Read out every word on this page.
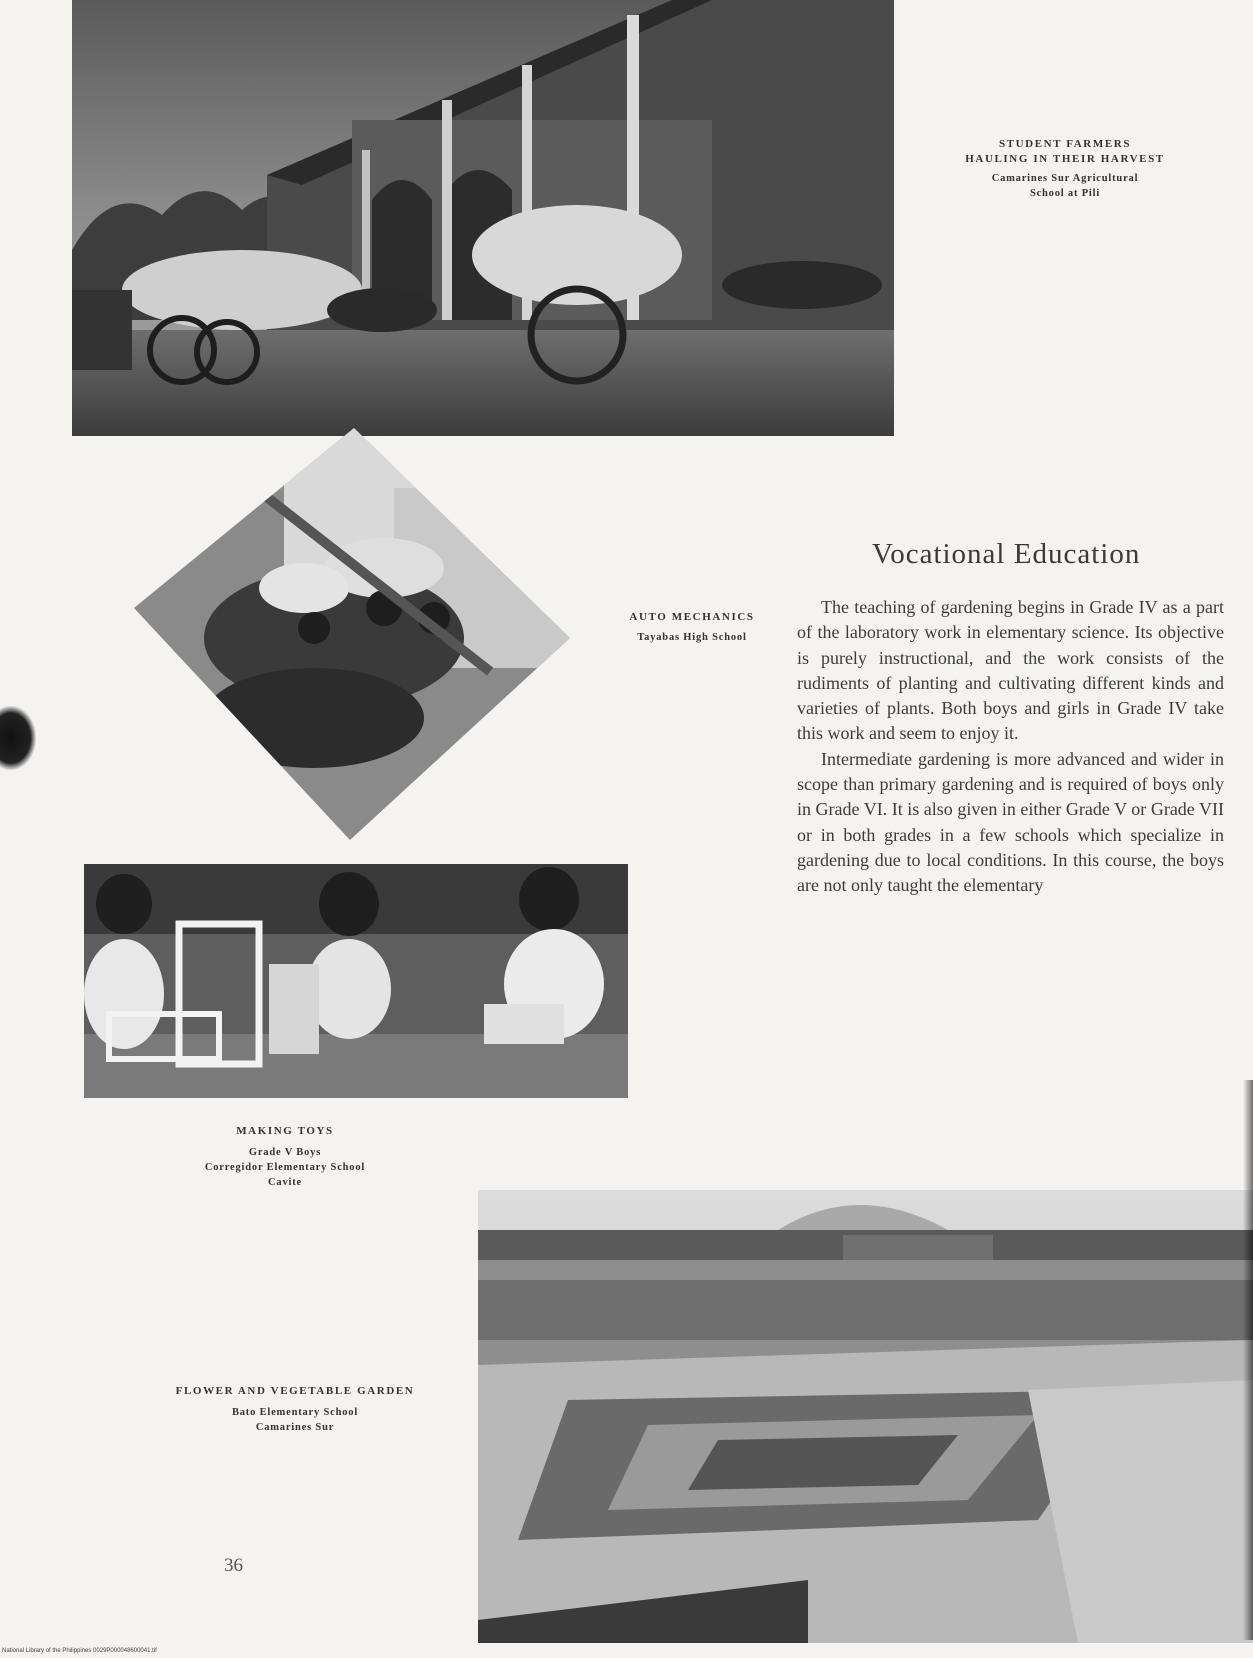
STUDENT FARMERS
HAULING IN THEIR HARVEST
Camarines Sur Agricultural
School at Pili
AUTO MECHANICS
Tayabas High School
Vocational Education

The teaching of gardening begins in Grade IV as a part of the laboratory work in elementary science. Its objective is purely instructional, and the work consists of the rudiments of planting and cultivating different kinds and varieties of plants. Both boys and girls in Grade IV take this work and seem to enjoy it.

Intermediate gardening is more advanced and wider in scope than primary gardening and is required of boys only in Grade VI. It is also given in either Grade V or Grade VII or in both grades in a few schools which specialize in gardening due to local conditions. In this course, the boys are not only taught the elementary

MAKING TOYS
Grade V Boys
Corregidor Elementary School
Cavite
FLOWER AND VEGETABLE GARDEN
Bato Elementary School
Camarines Sur
36
National Library of the Philippines 0029P000048600041.tif
